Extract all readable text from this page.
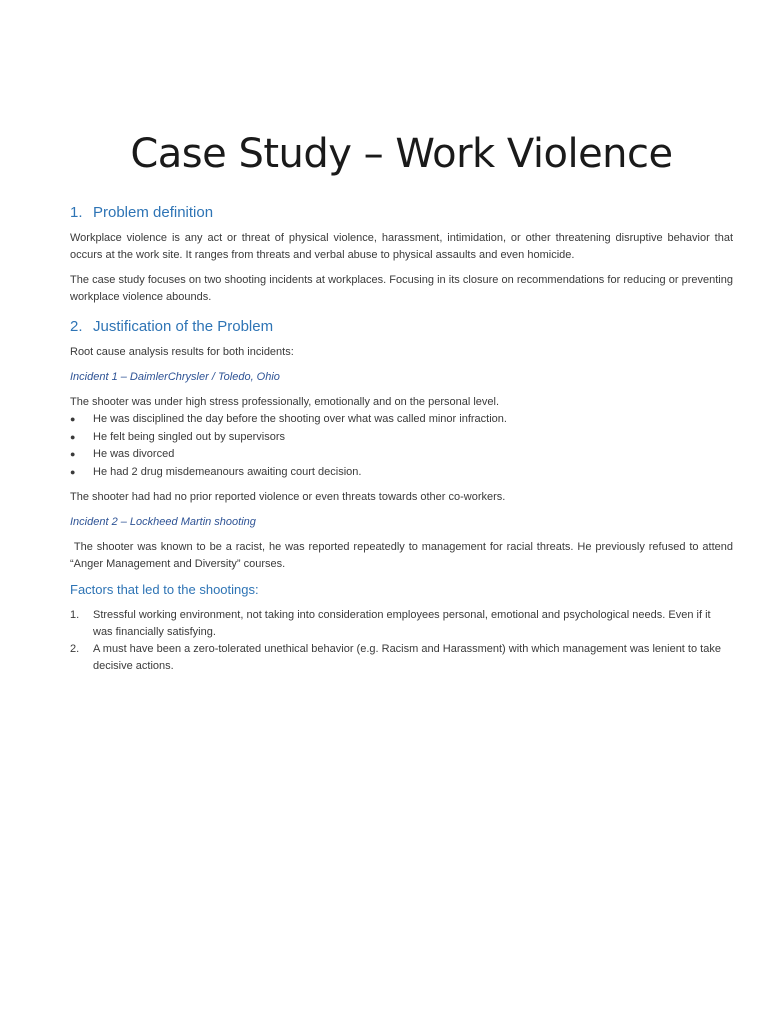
Case Study – Work Violence
1. Problem definition

Workplace violence is any act or threat of physical violence, harassment, intimidation, or other threatening disruptive behavior that occurs at the work site. It ranges from threats and verbal abuse to physical assaults and even homicide.

The case study focuses on two shooting incidents at workplaces. Focusing in its closure on recommendations for reducing or preventing workplace violence abounds.

2. Justification of the Problem

Root cause analysis results for both incidents:

Incident 1 – DaimlerChrysler / Toledo, Ohio

The shooter was under high stress professionally, emotionally and on the personal level.

●	He was disciplined the day before the shooting over what was called minor infraction.
●	He felt being singled out by supervisors
●	He was divorced
●	He had 2 drug misdemeanours awaiting court decision.

The shooter had had no prior reported violence or even threats towards other co-workers.

Incident 2 – Lockheed Martin shooting

The shooter was known to be a racist, he was reported repeatedly to management for racial threats. He previously refused to attend “Anger Management and Diversity” courses.

Factors that led to the shootings:
1.	Stressful working environment, not taking into consideration employees personal, emotional and psychological needs. Even if it was financially satisfying.
2.	A must have been a zero-tolerated unethical behavior (e.g. Racism and Harassment) with which management was lenient to take decisive actions.
